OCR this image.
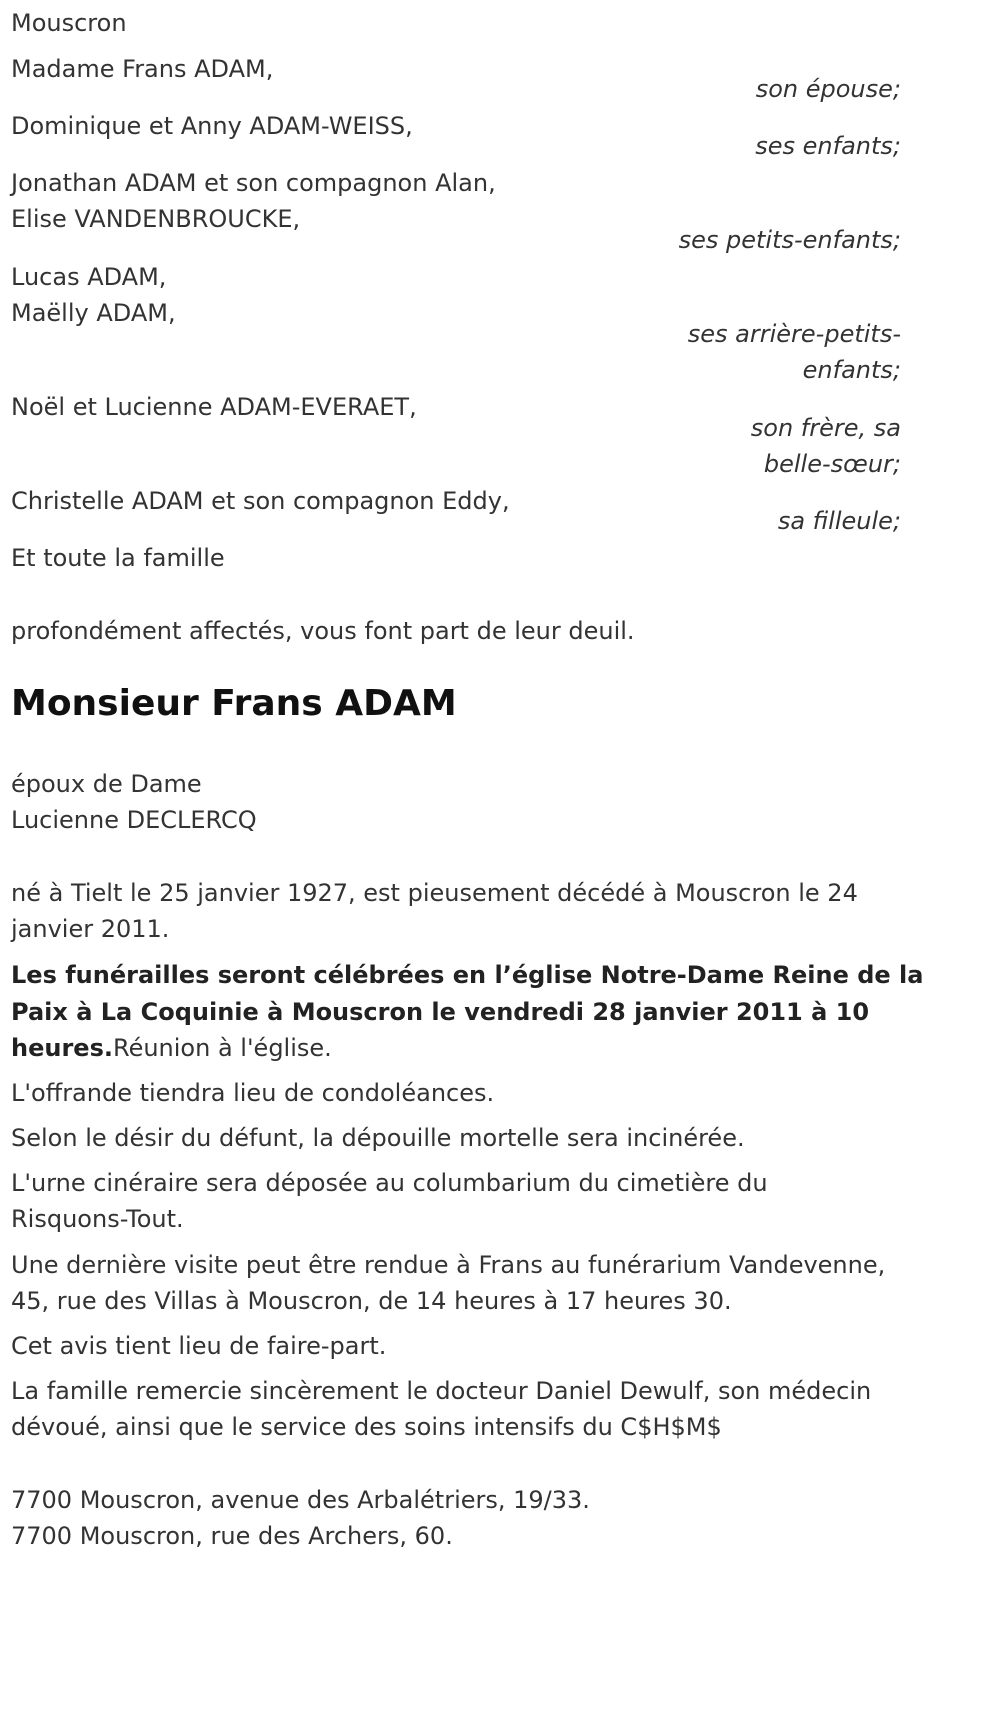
Mouscron
Madame Frans ADAM,
son épouse;
Dominique et Anny ADAM-WEISS,
ses enfants;
Jonathan ADAM et son compagnon Alan,
Elise VANDENBROUCKE,
ses petits-enfants;
Lucas ADAM,
Maëlly ADAM,
ses arrière-petits-
enfants;
Noël et Lucienne ADAM-EVERAET,
son frère, sa
belle-sœur;
Christelle ADAM et son compagnon Eddy,
sa filleule;
Et toute la famille
profondément affectés, vous font part de leur deuil.
Monsieur Frans ADAM
époux de Dame
Lucienne DECLERCQ
né à Tielt le 25 janvier 1927, est pieusement décédé à Mouscron le 24
janvier 2011.
Les funérailles seront célébrées en l’église Notre-Dame Reine de la
Paix à La Coquinie à Mouscron le vendredi 28 janvier 2011 à 10
heures.Réunion à l'église.
L'offrande tiendra lieu de condoléances.
Selon le désir du défunt, la dépouille mortelle sera incinérée.
L'urne cinéraire sera déposée au columbarium du cimetière du
Risquons-Tout.
Une dernière visite peut être rendue à Frans au funérarium Vandevenne,
45, rue des Villas à Mouscron, de 14 heures à 17 heures 30.
Cet avis tient lieu de faire-part.
La famille remercie sincèrement le docteur Daniel Dewulf, son médecin
dévoué, ainsi que le service des soins intensifs du C$H$M$
7700 Mouscron, avenue des Arbalétriers, 19/33.
7700 Mouscron, rue des Archers, 60.
